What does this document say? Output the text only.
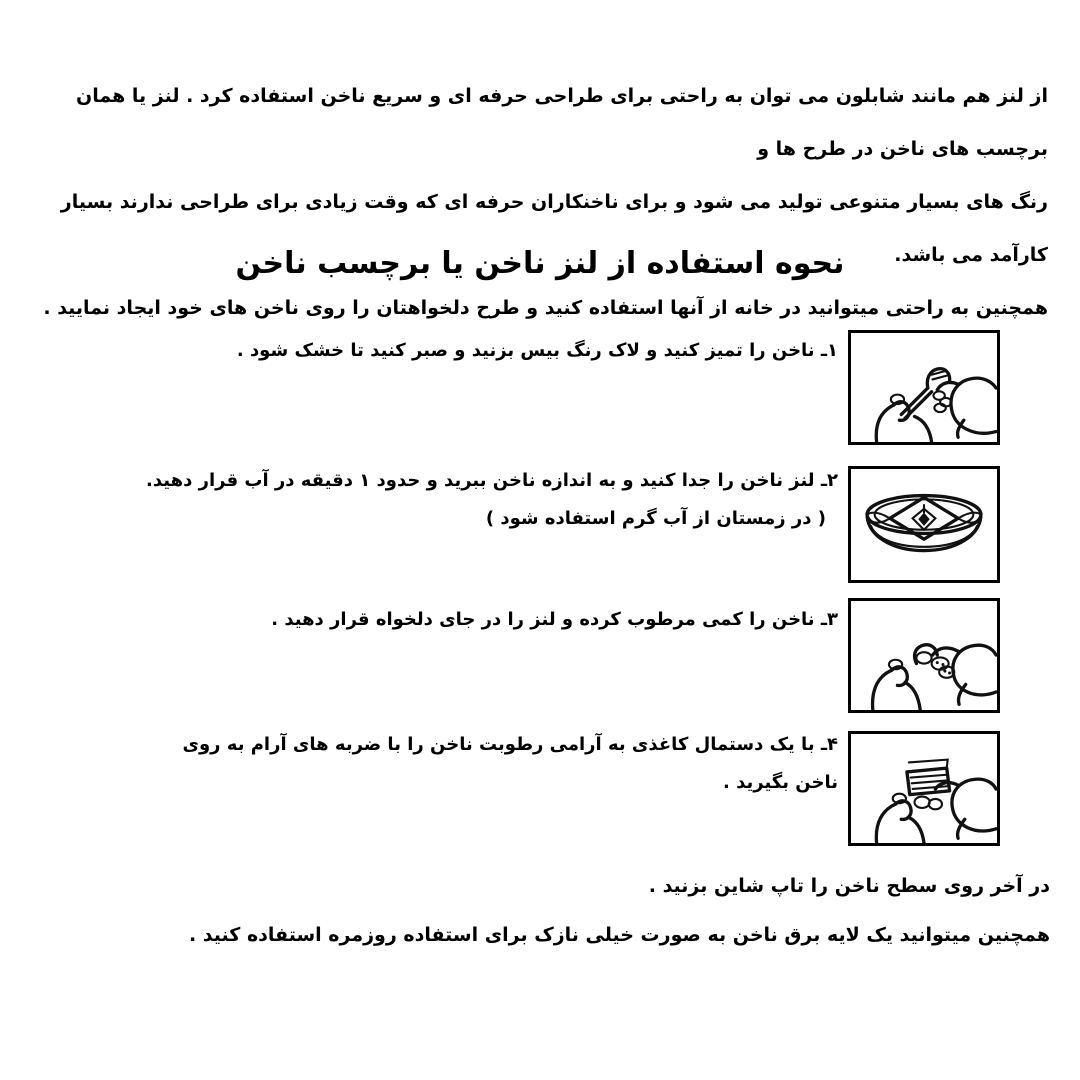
از لنز هم مانند شابلون می توان به راحتی برای طراحی حرفه ای و سریع ناخن استفاده کرد . لنز یا همان برچسب های ناخن در طرح ها و
رنگ های بسیار متنوعی تولید می شود و برای ناخنکاران حرفه ای که وقت زیادی برای طراحی ندارند بسیار کارآمد می باشد.
همچنین به راحتی میتوانید در خانه از آنها استفاده کنید و طرح دلخواهتان را روی ناخن های خود ایجاد نمایید .
نحوه استفاده از لنز ناخن یا برچسب ناخن
۱ـ ناخن را تمیز کنید و لاک رنگ بیس بزنید و صبر کنید تا خشک شود .
۲ـ لنز ناخن را جدا کنید و به اندازه ناخن ببرید و حدود ۱ دقیقه در آب قرار دهید.
( در زمستان از آب گرم استفاده شود )
۳ـ ناخن را کمی مرطوب کرده و لنز را در جای دلخواه قرار دهید .
۴ـ با یک دستمال کاغذی به آرامی رطوبت ناخن را با ضربه های آرام به روی ناخن بگیرید .
در آخر روی سطح ناخن را تاپ شاین بزنید .
همچنین میتوانید یک لایه برق ناخن به صورت خیلی نازک برای استفاده روزمره استفاده کنید .
